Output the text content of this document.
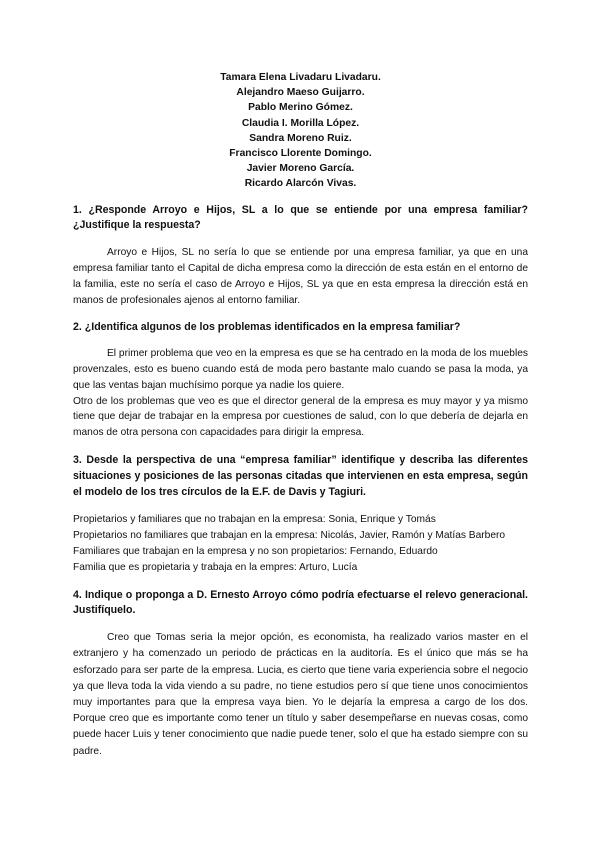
Tamara Elena Livadaru Livadaru.
Alejandro Maeso Guijarro.
Pablo Merino Gómez.
Claudia I. Morilla López.
Sandra Moreno Ruiz.
Francisco Llorente Domingo.
Javier Moreno García.
Ricardo Alarcón Vivas.

1. ¿Responde Arroyo e Hijos, SL a lo que se entiende por una empresa familiar? ¿Justifique la respuesta?

Arroyo e Hijos, SL no sería lo que se entiende por una empresa familiar, ya que en una empresa familiar tanto el Capital de dicha empresa como la dirección de esta están en el entorno de la familia, este no sería el caso de Arroyo e Hijos, SL ya que en esta empresa la dirección está en manos de profesionales ajenos al entorno familiar.

2. ¿Identifica algunos de los problemas identificados en la empresa familiar?

El primer problema que veo en la empresa es que se ha centrado en la moda de los muebles provenzales, esto es bueno cuando está de moda pero bastante malo cuando se pasa la moda, ya que las ventas bajan muchísimo porque ya nadie los quiere.

Otro de los problemas que veo es que el director general de la empresa es muy mayor y ya mismo tiene que dejar de trabajar en la empresa por cuestiones de salud, con lo que debería de dejarla en manos de otra persona con capacidades para dirigir la empresa.

3. Desde la perspectiva de una “empresa familiar” identifique y describa las diferentes situaciones y posiciones de las personas citadas que intervienen en esta empresa, según el modelo de los tres círculos de la E.F. de Davis y Tagiuri.

Propietarios y familiares que no trabajan en la empresa: Sonia, Enrique y Tomás

Propietarios no familiares que trabajan en la empresa: Nicolás, Javier, Ramón y Matías Barbero

Familiares que trabajan en la empresa y no son propietarios: Fernando, Eduardo

Familia que es propietaria y trabaja en la empres: Arturo, Lucía

4. Indique o proponga a D. Ernesto Arroyo cómo podría efectuarse el relevo generacional. Justifíquelo.

Creo que Tomas seria la mejor opción, es economista, ha realizado varios master en el extranjero y ha comenzado un periodo de prácticas en la auditoría. Es el único que más se ha esforzado para ser parte de la empresa. Lucia, es cierto que tiene varia experiencia sobre el negocio ya que lleva toda la vida viendo a su padre, no tiene estudios pero sí que tiene unos conocimientos muy importantes para que la empresa vaya bien. Yo le dejaría la empresa a cargo de los dos. Porque creo que es importante como tener un título y saber desempeñarse en nuevas cosas, como puede hacer Luis y tener conocimiento que nadie puede tener, solo el que ha estado siempre con su padre.
